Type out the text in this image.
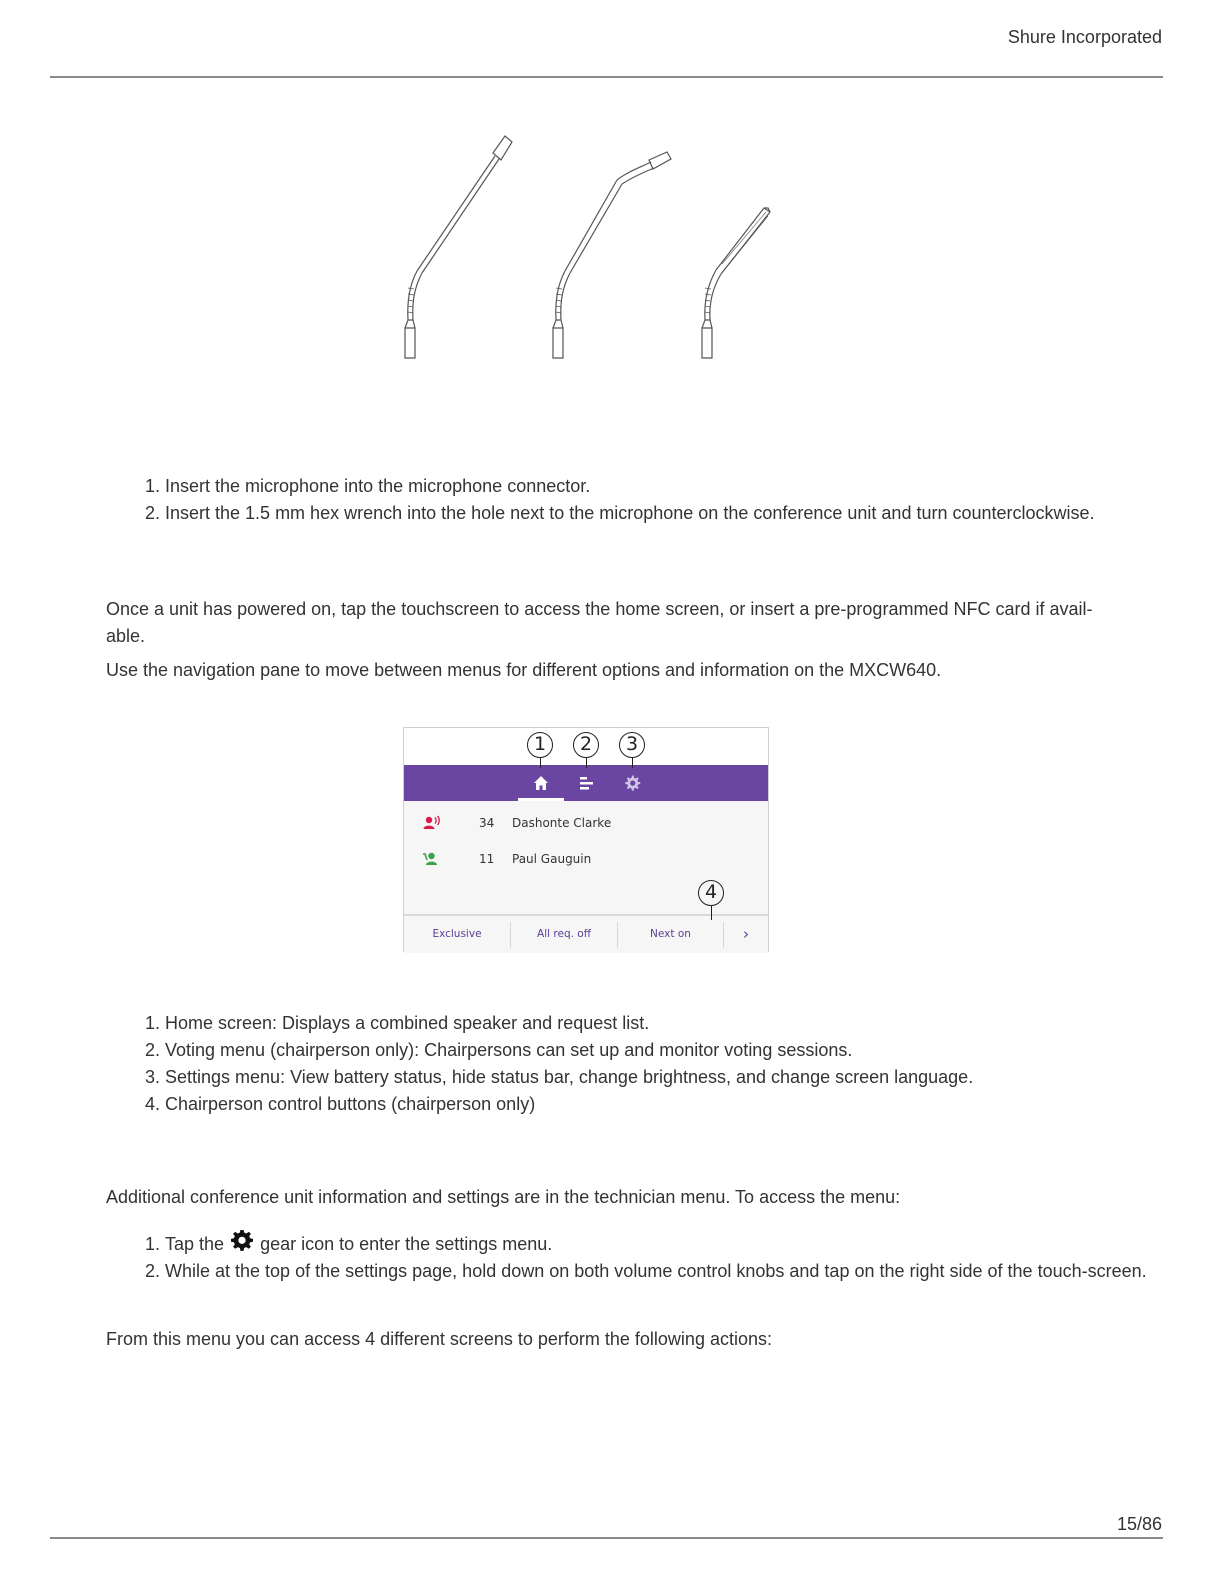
Shure Incorporated
1. Insert the microphone into the microphone connector.
2. Insert the 1.5 mm hex wrench into the hole next to the microphone on the conference unit and turn counterclockwise.
Once a unit has powered on, tap the touchscreen to access the home screen, or insert a pre-programmed NFC card if avail-able.
Use the navigation pane to move between menus for different options and information on the MXCW640.
34 Dashonte Clarke
11 Paul Gauguin
Exclusive	All req. off	Next on	›
1	2	3
4
1. Home screen: Displays a combined speaker and request list.
2. Voting menu (chairperson only): Chairpersons can set up and monitor voting sessions.
3. Settings menu: View battery status, hide status bar, change brightness, and change screen language.
4. Chairperson control buttons (chairperson only)
Additional conference unit information and settings are in the technician menu. To access the menu:
1. Tap the gear icon to enter the settings menu.
2. While at the top of the settings page, hold down on both volume control knobs and tap on the right side of the touch-screen.
From this menu you can access 4 different screens to perform the following actions:
15/86
